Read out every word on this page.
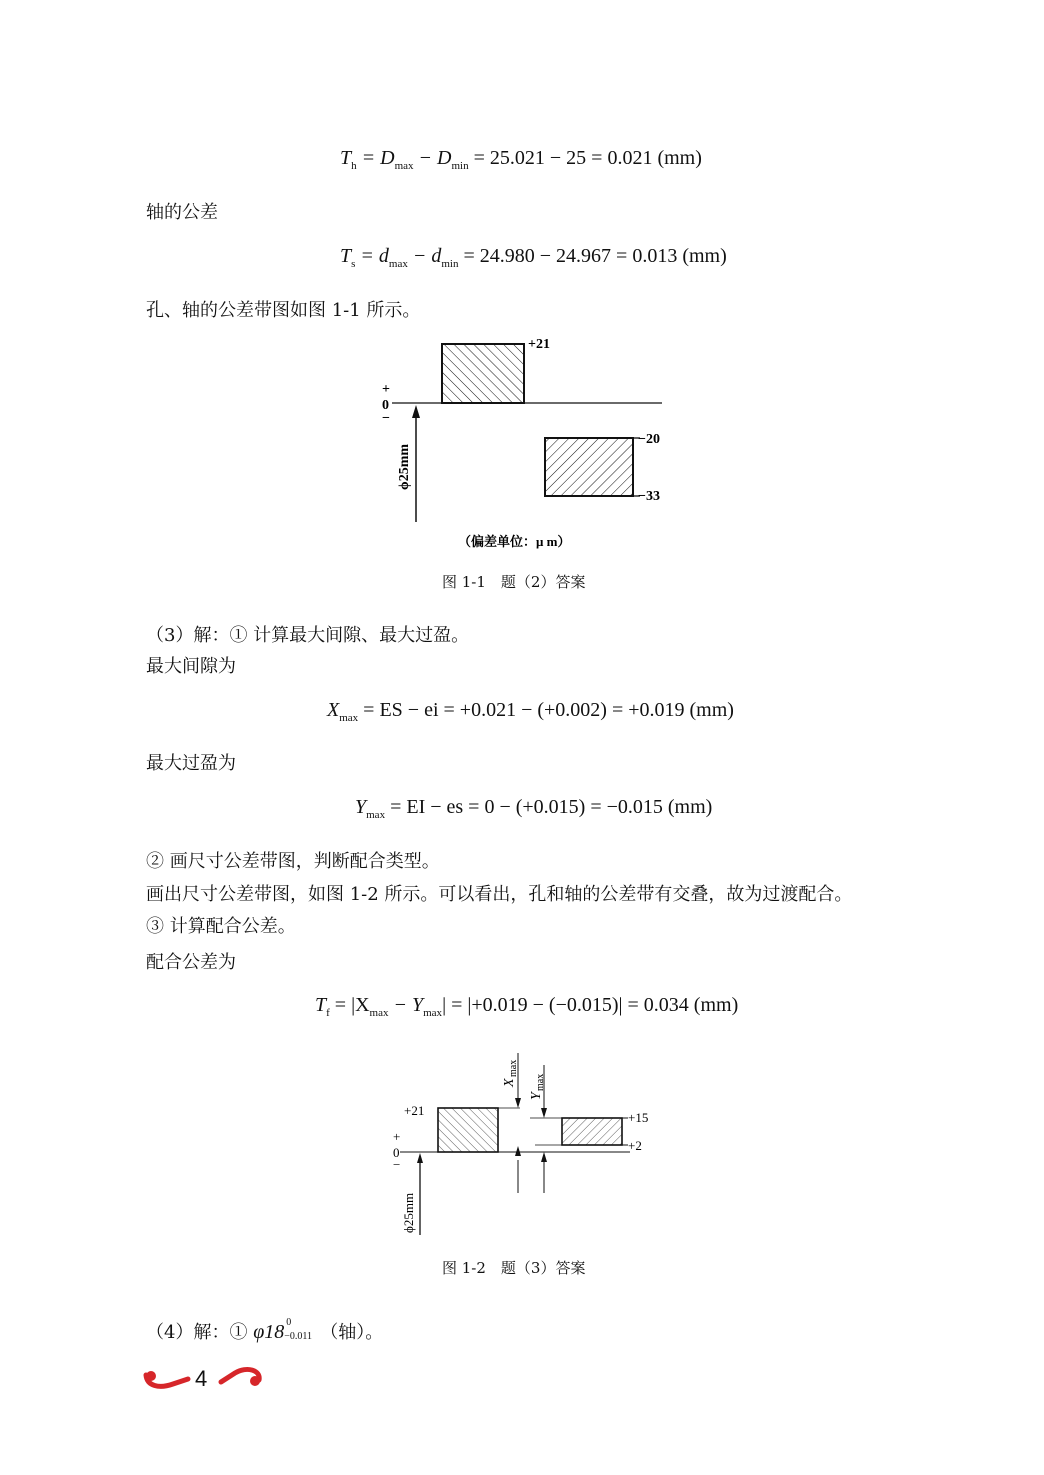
$T_h = D_{max} - D_{min} = 25.021 - 25 = 0.021$ (mm)
轴的公差
$T_s = d_{max} - d_{min} = 24.980 - 24.967 = 0.013$ (mm)
孔、轴的公差带图如图 1-1 所示。
+21
−20
−33
+
0
−
ϕ25mm
（偏差单位：μ m）
图 1-1　题（2）答案
（3）解：① 计算最大间隙、最大过盈。
最大间隙为
$X_{max}$ = ES − ei = +0.021 − (+0.002) = +0.019 (mm)
最大过盈为
$Y_{max}$ = EI − es = 0 − (+0.015) = −0.015 (mm)
② 画尺寸公差带图，判断配合类型。
画出尺寸公差带图，如图 1-2 所示。可以看出，孔和轴的公差带有交叠，故为过渡配合。
③ 计算配合公差。
配合公差为
$T_f = |X_{max} - Y_{max}| = |+0.019 - (-0.015)| = 0.034$ (mm)
+21	+15
+2
+
0
−
ϕ25mm
X
max
Y
max
图 1-2　题（3）答案
（4）解：① φ18 0
−0.011 （轴）。
4
